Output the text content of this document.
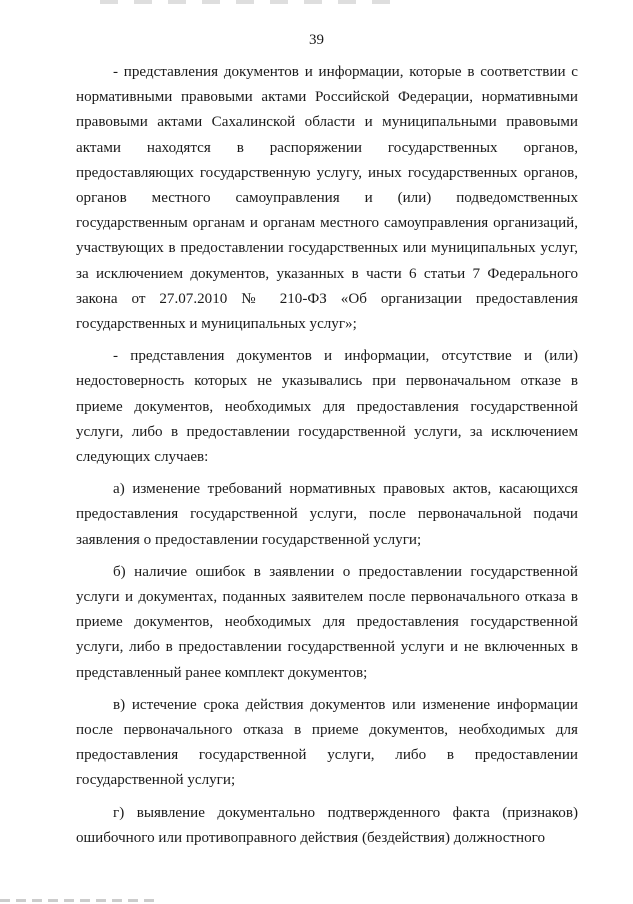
39

- представления документов и информации, которые в соответствии с нормативными правовыми актами Российской Федерации, нормативными правовыми актами Сахалинской области и муниципальными правовыми актами находятся в распоряжении государственных органов, предоставляющих государственную услугу, иных государственных органов, органов местного самоуправления и (или) подведомственных государственным органам и органам местного самоуправления организаций, участвующих в предоставлении государственных или муниципальных услуг, за исключением документов, указанных в части 6 статьи 7 Федерального закона от 27.07.2010 № 210-ФЗ «Об организации предоставления государственных и муниципальных услуг»;

- представления документов и информации, отсутствие и (или) недостоверность которых не указывались при первоначальном отказе в приеме документов, необходимых для предоставления государственной услуги, либо в предоставлении государственной услуги, за исключением следующих случаев:

а) изменение требований нормативных правовых актов, касающихся предоставления государственной услуги, после первоначальной подачи заявления о предоставлении государственной услуги;

б) наличие ошибок в заявлении о предоставлении государственной услуги и документах, поданных заявителем после первоначального отказа в приеме документов, необходимых для предоставления государственной услуги, либо в предоставлении государственной услуги и не включенных в представленный ранее комплект документов;

в) истечение срока действия документов или изменение информации после первоначального отказа в приеме документов, необходимых для предоставления государственной услуги, либо в предоставлении государственной услуги;

г) выявление документально подтвержденного факта (признаков) ошибочного или противоправного действия (бездействия) должностного
